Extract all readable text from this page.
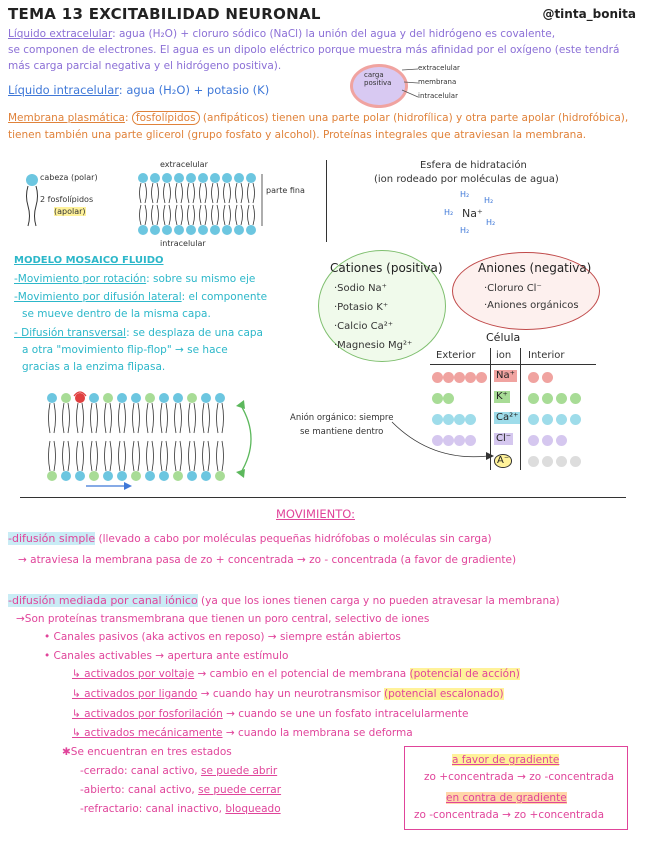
TEMA 13 EXCITABILIDAD NEURONAL	@tinta_bonita
Líquido extracelular: agua (H₂O) + cloruro sódico (NaCl) la unión del agua y del hidrógeno es covalente,
se componen de electrones. El agua es un dipolo eléctrico porque muestra más afinidad por el oxígeno (este tendrá
más carga parcial negativa y el hidrógeno positiva).
Líquido intracelular: agua (H₂O) + potasio (K)
carga
positiva
extracelular
membrana
intracelular
Membrana plasmática: fosfolípidos (anfipáticos) tienen una parte polar (hidrofílica) y otra parte apolar (hidrofóbica),
tienen también una parte glicerol (grupo fosfato y alcohol). Proteínas integrales que atraviesan la membrana.
cabeza (polar)
2 fosfolípidos
(apolar)
extracelular
intracelular
parte fina
Esfera de hidratación
(ion rodeado por moléculas de agua)
Na⁺
H₂
H₂
H₂
H₂
H₂
MODELO MOSAICO FLUIDO
-Movimiento por rotación: sobre su mismo eje
-Movimiento por difusión lateral: el componente
se mueve dentro de la misma capa.
- Difusión transversal: se desplaza de una capa
a otra "movimiento flip-flop" → se hace
gracias a la enzima flipasa.
Cationes (positiva)
·Sodio Na⁺
·Potasio K⁺
·Calcio Ca²⁺
·Magnesio Mg²⁺
Aniones (negativa)
·Cloruro Cl⁻
·Aniones orgánicos
Célula
Exterior ion Interior
Na⁺
K⁺
Ca²⁺
Cl⁻
A⁻
Anión orgánico: siempre
se mantiene dentro
MOVIMIENTO:
-difusión simple (llevado a cabo por moléculas pequeñas hidrófobas o moléculas sin carga)
→ atraviesa la membrana pasa de zo + concentrada → zo - concentrada (a favor de gradiente)
-difusión mediada por canal iónico (ya que los iones tienen carga y no pueden atravesar la membrana)
→Son proteínas transmembrana que tienen un poro central, selectivo de iones
• Canales pasivos (aka activos en reposo) → siempre están abiertos
• Canales activables → apertura ante estímulo
↳ activados por voltaje → cambio en el potencial de membrana (potencial de acción)
↳ activados por ligando → cuando hay un neurotransmisor (potencial escalonado)
↳ activados por fosforilación → cuando se une un fosfato intracelularmente
↳ activados mecánicamente → cuando la membrana se deforma
✱Se encuentran en tres estados
-cerrado: canal activo, se puede abrir
-abierto: canal activo, se puede cerrar
-refractario: canal inactivo, bloqueado
a favor de gradiente
zo +concentrada → zo -concentrada
en contra de gradiente
zo -concentrada → zo +concentrada
